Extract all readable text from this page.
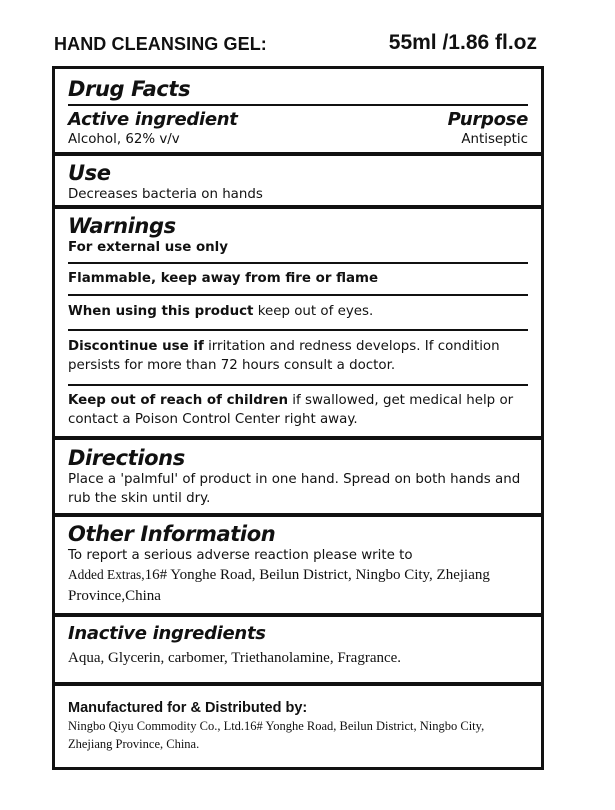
HAND CLEANSING GEL:	55ml /1.86 fl.oz
Drug Facts
Active ingredient	Purpose
Alcohol, 62% v/v	Antiseptic
Use
Decreases bacteria on hands
Warnings
For external use only
Flammable, keep away from fire or flame
When using this product keep out of eyes.
Discontinue use if irritation and redness develops. If condition persists for more than 72 hours consult a doctor.
Keep out of reach of children if swallowed, get medical help or contact a Poison Control Center right away.
Directions
Place a 'palmful' of product in one hand. Spread on both hands and rub the skin until dry.
Other Information
To report a serious adverse reaction please write to
Added Extras,16# Yonghe Road, Beilun District, Ningbo City, Zhejiang Province,China
Inactive ingredients
Aqua, Glycerin, carbomer, Triethanolamine, Fragrance.
Manufactured for & Distributed by:
Ningbo Qiyu Commodity Co., Ltd.16# Yonghe Road, Beilun District, Ningbo City, Zhejiang Province, China.
